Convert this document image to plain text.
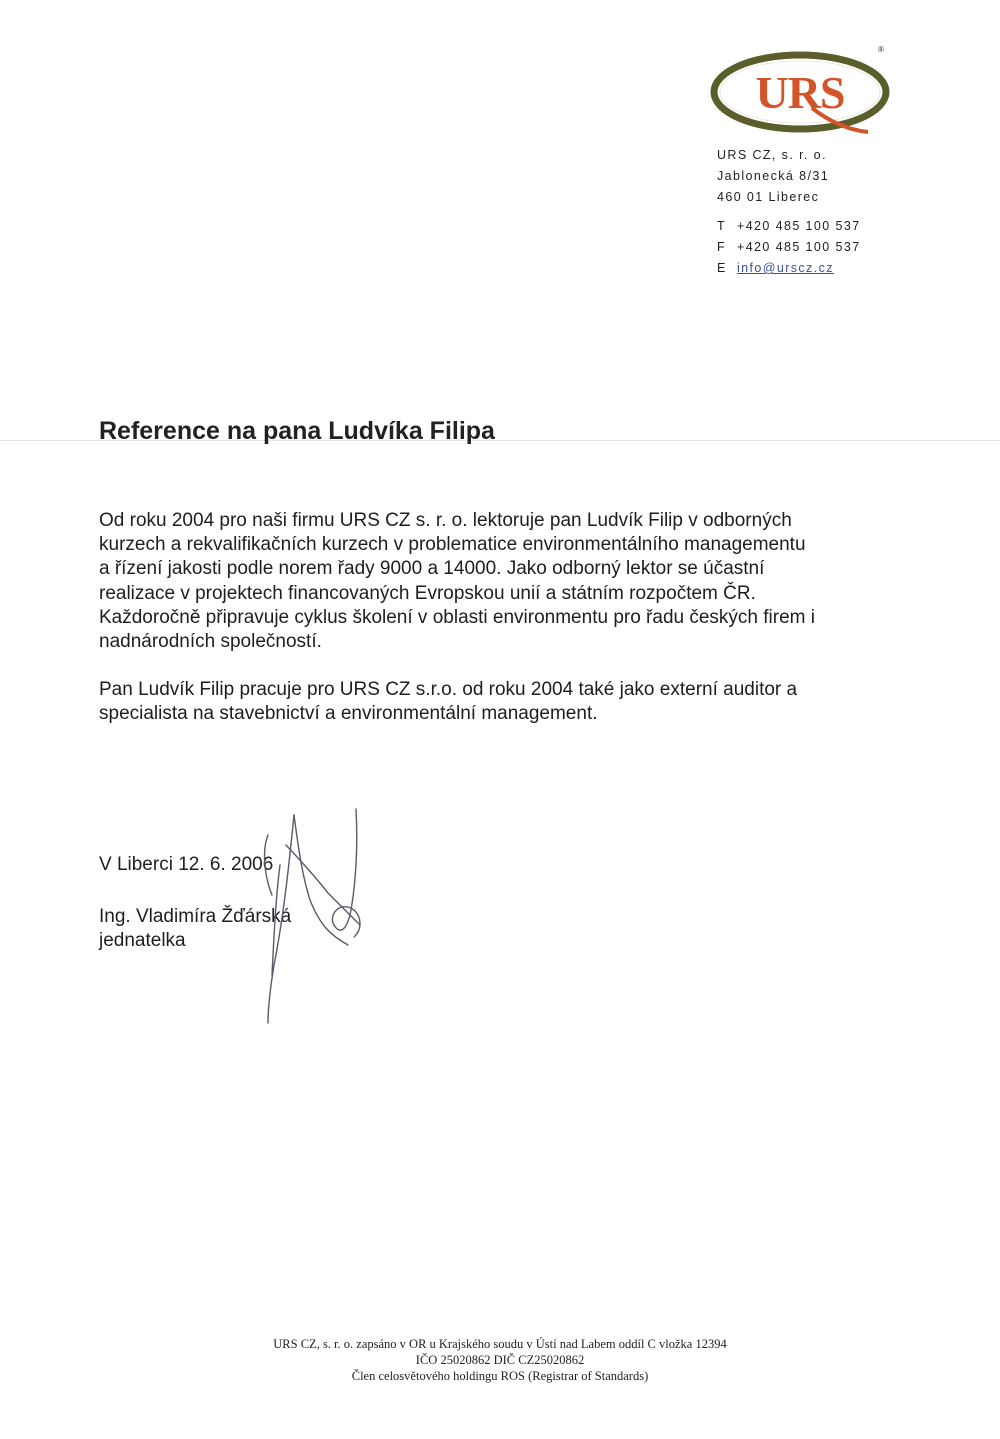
URS
®
URS CZ, s. r. o.
Jablonecká 8/31
460 01 Liberec
T +420 485 100 537
F +420 485 100 537
E info@urscz.cz
Reference na pana Ludvíka Filipa

Od roku 2004 pro naši firmu URS CZ s. r. o. lektoruje pan Ludvík Filip v odborných

kurzech a rekvalifikačních kurzech v problematice environmentálního managementu

a řízení jakosti podle norem řady 9000 a 14000. Jako odborný lektor se účastní

realizace v projektech financovaných Evropskou unií a státním rozpočtem ČR.

Každoročně připravuje cyklus školení v oblasti environmentu pro řadu českých firem i

nadnárodních společností.

Pan Ludvík Filip pracuje pro URS CZ s.r.o. od roku 2004 také jako externí auditor a

specialista na stavebnictví a environmentální management.

V Liberci 12. 6. 2006
Ing. Vladimíra Žďárská
jednatelka
URS CZ, s. r. o. zapsáno v OR u Krajského soudu v Ústí nad Labem oddíl C vložka 12394
IČO 25020862 DIČ CZ25020862
Člen celosvětového holdingu ROS (Registrar of Standards)
